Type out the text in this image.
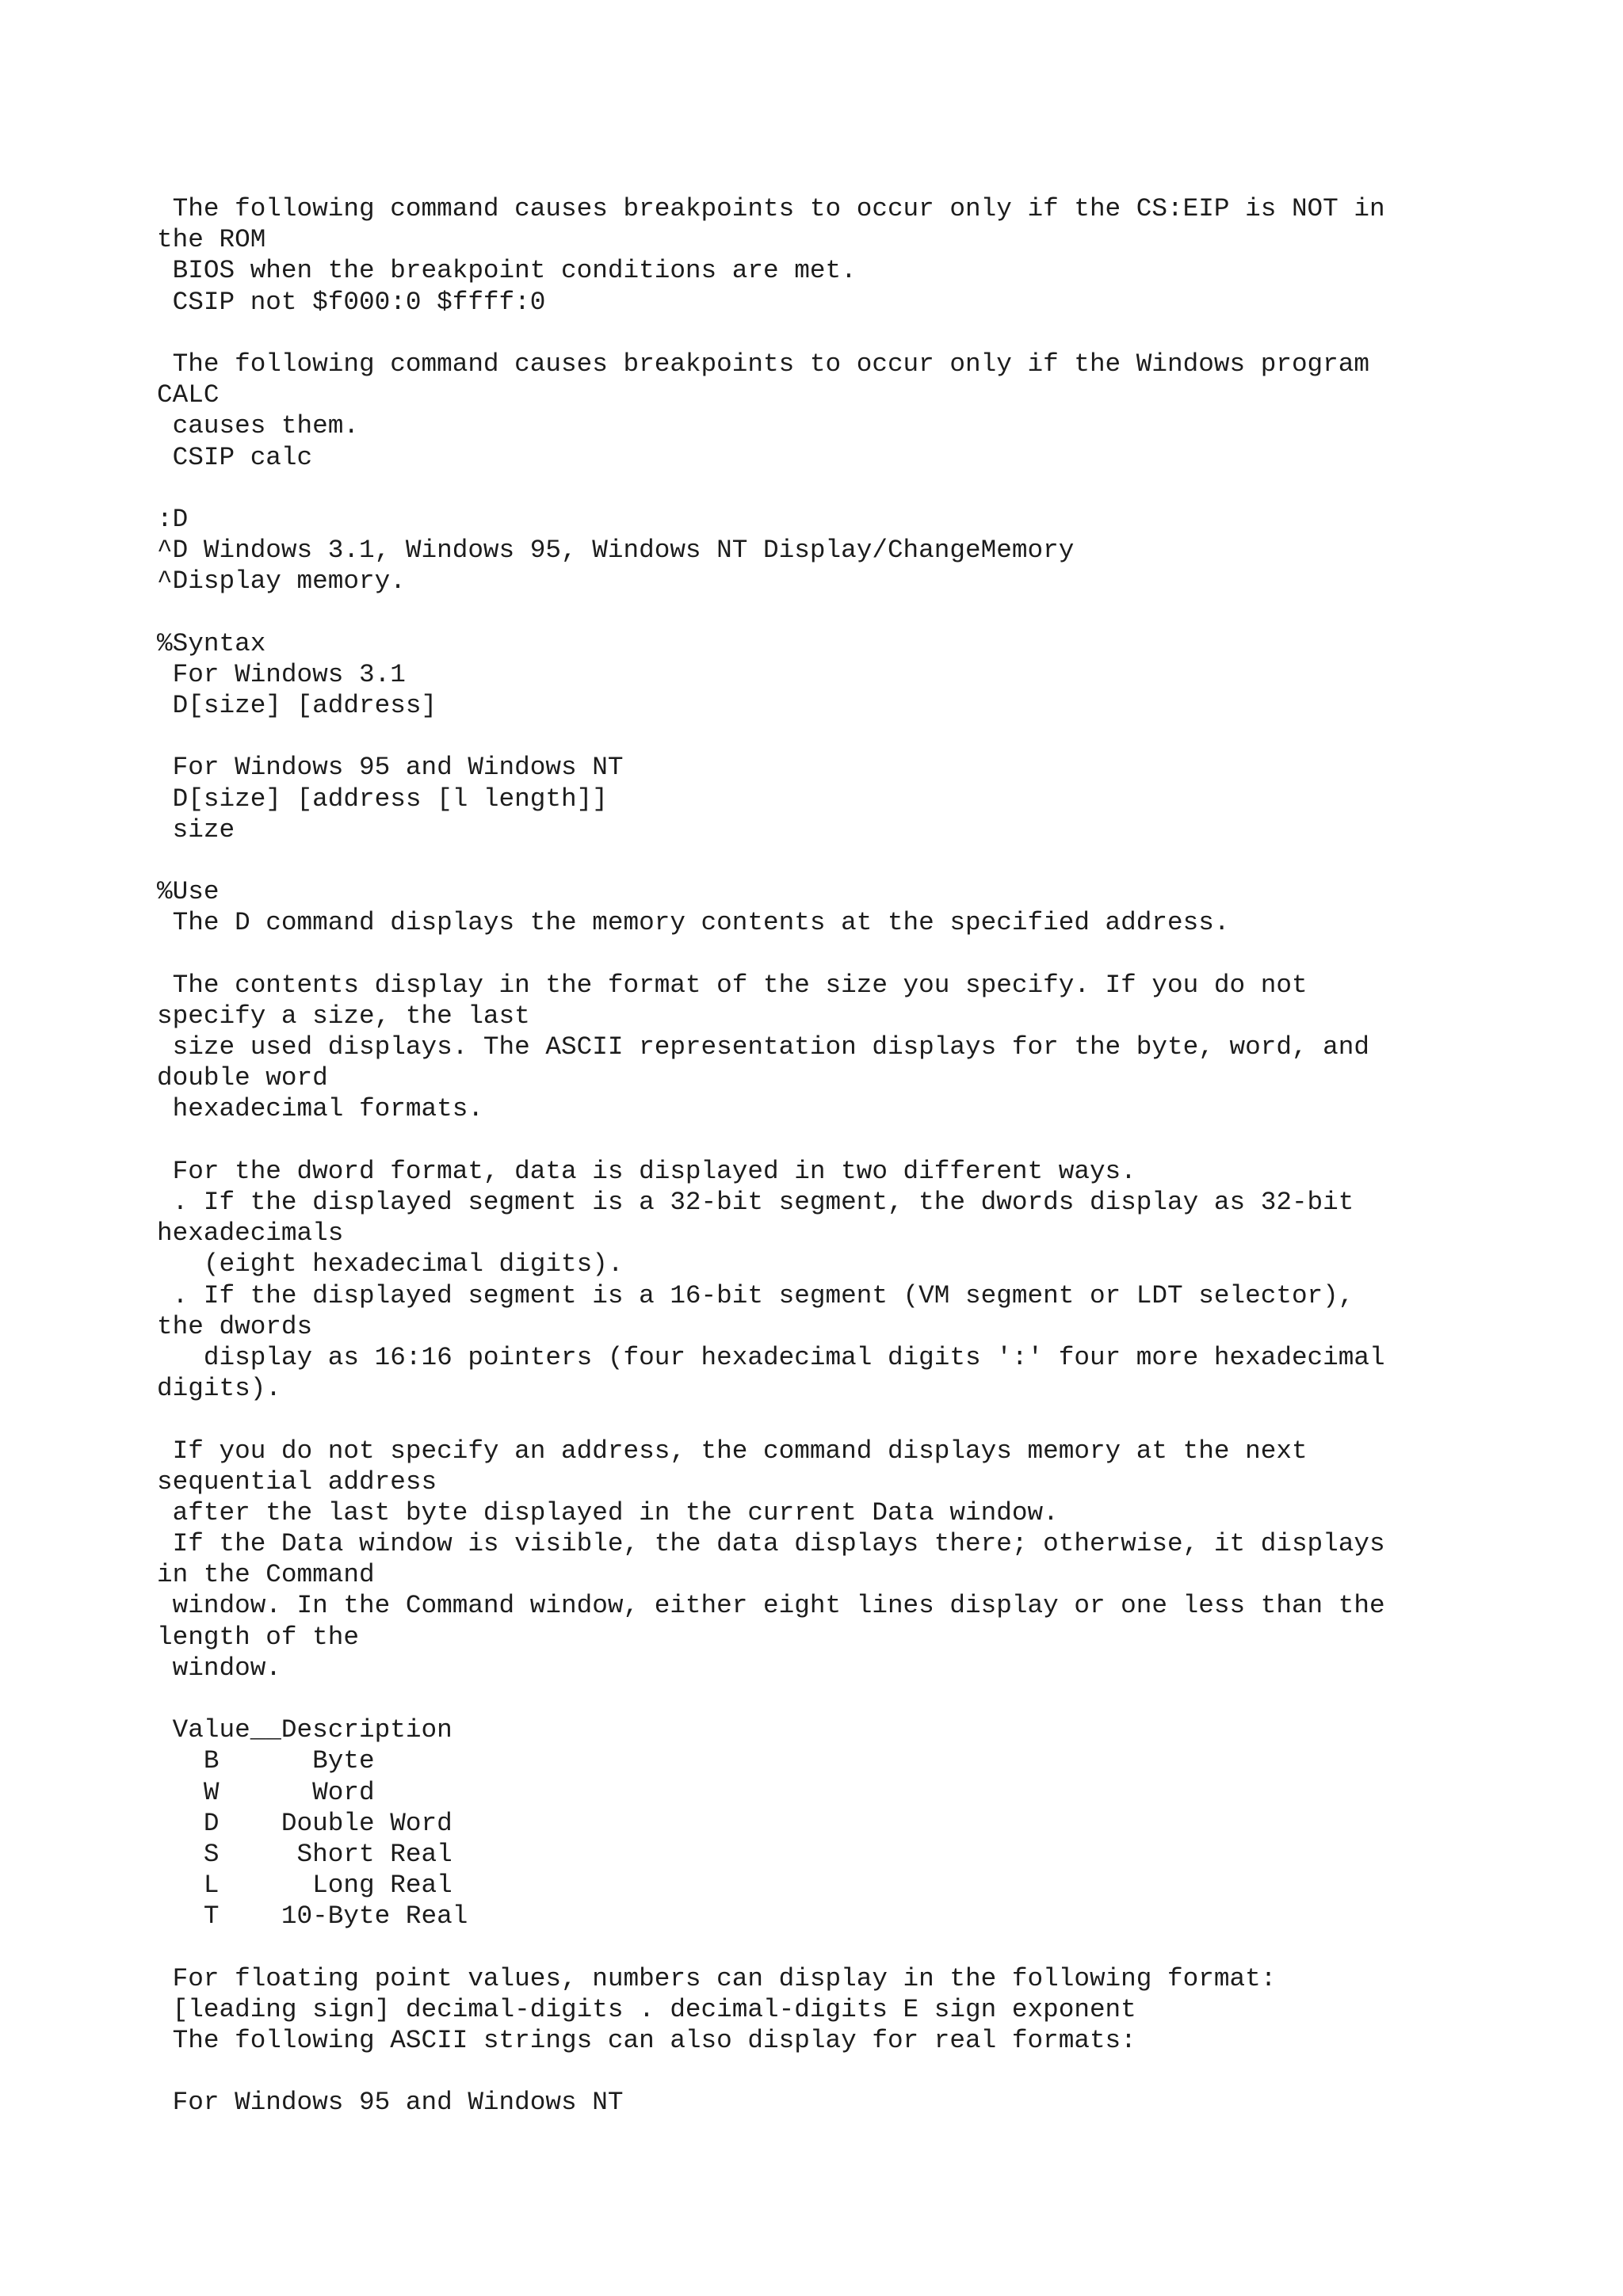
The following command causes breakpoints to occur only if the CS:EIP is NOT in
the ROM
BIOS when the breakpoint conditions are met.
CSIP not $f000:0 $ffff:0
The following command causes breakpoints to occur only if the Windows program
CALC
causes them.
CSIP calc
:D
^D Windows 3.1, Windows 95, Windows NT Display/ChangeMemory
^Display memory.
%Syntax
For Windows 3.1
D[size] [address]
For Windows 95 and Windows NT
D[size] [address [l length]]
size
%Use
The D command displays the memory contents at the specified address.
The contents display in the format of the size you specify. If you do not
specify a size, the last
size used displays. The ASCII representation displays for the byte, word, and
double word
hexadecimal formats.
For the dword format, data is displayed in two different ways.
. If the displayed segment is a 32-bit segment, the dwords display as 32-bit
hexadecimals
(eight hexadecimal digits).
. If the displayed segment is a 16-bit segment (VM segment or LDT selector),
the dwords
display as 16:16 pointers (four hexadecimal digits ':' four more hexadecimal
digits).
If you do not specify an address, the command displays memory at the next
sequential address
after the last byte displayed in the current Data window.
If the Data window is visible, the data displays there; otherwise, it displays
in the Command
window. In the Command window, either eight lines display or one less than the
length of the
window.
Value__Description
B      Byte
W      Word
D    Double Word
S     Short Real
L      Long Real
T    10-Byte Real
For floating point values, numbers can display in the following format:
[leading sign] decimal-digits . decimal-digits E sign exponent
The following ASCII strings can also display for real formats:
For Windows 95 and Windows NT
